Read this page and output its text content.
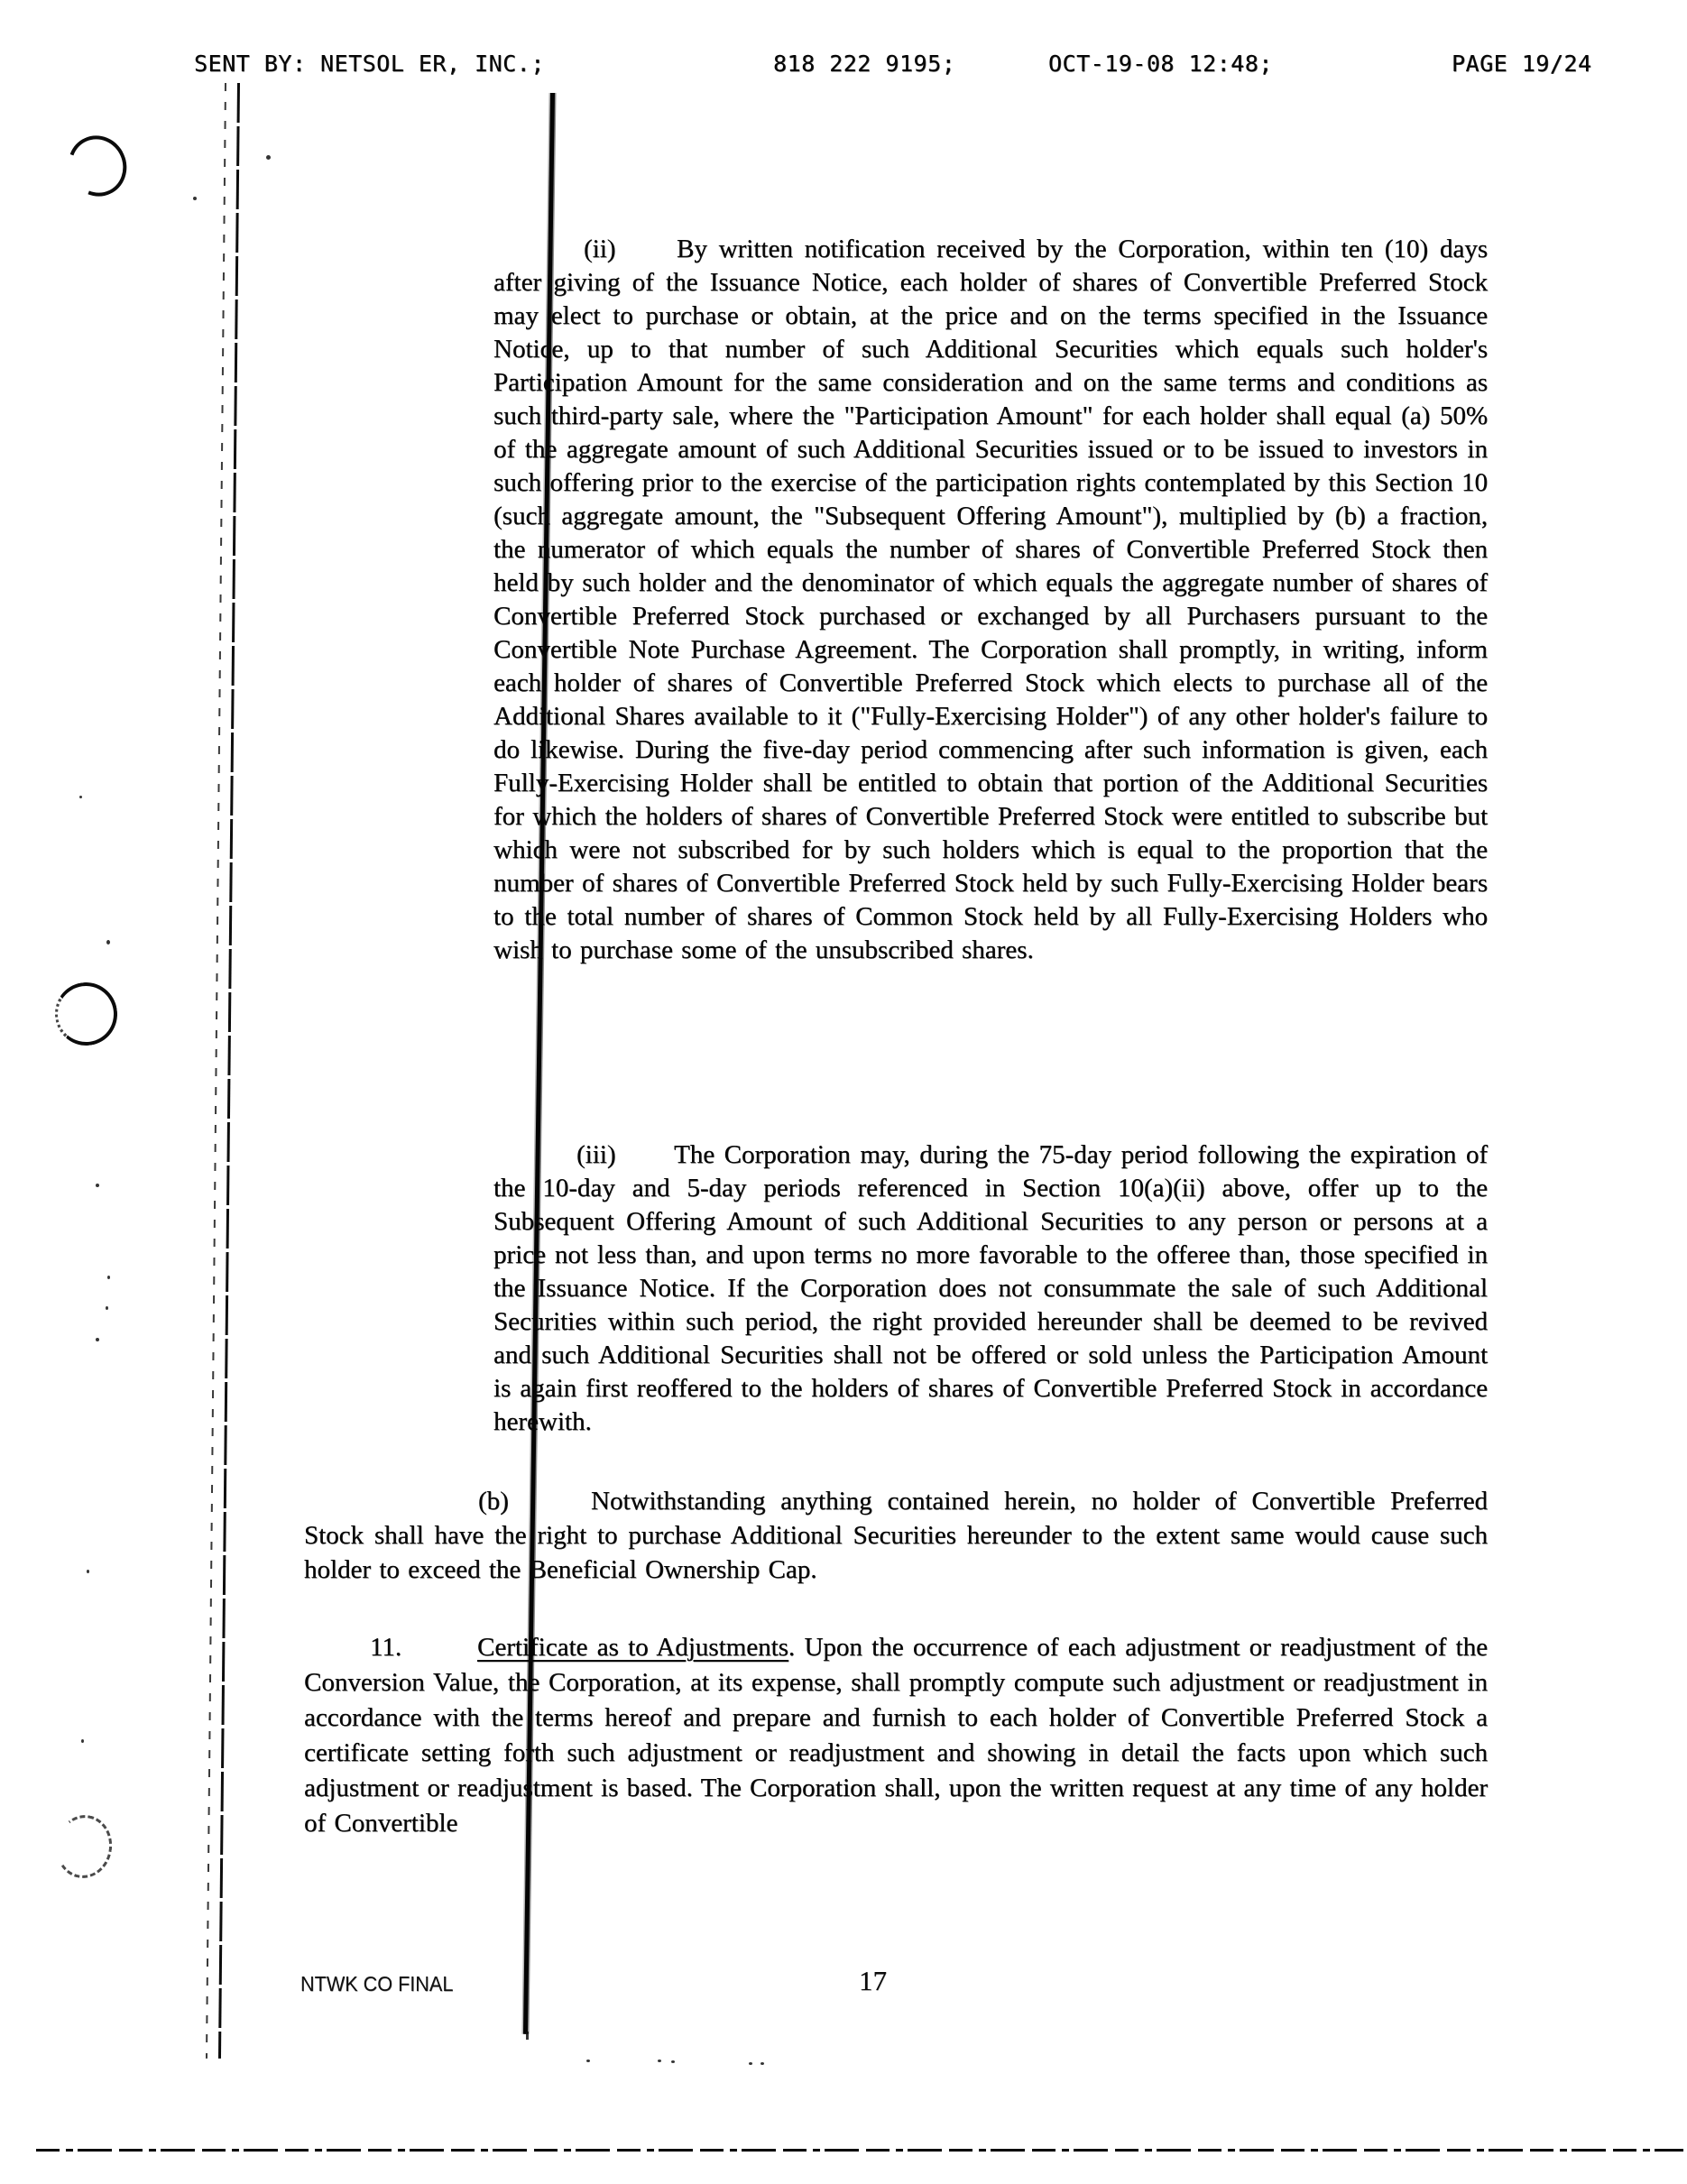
SENT BY: NETSOL ER, INC.;	818 222 9195;	OCT-19-08 12:48;	PAGE 19/24

(ii) By written notification received by the Corporation, within ten (10) days after giving of the Issuance Notice, each holder of shares of Convertible Preferred Stock may elect to purchase or obtain, at the price and on the terms specified in the Issuance Notice, up to that number of such Additional Securities which equals such holder's Participation Amount for the same consideration and on the same terms and conditions as such third-party sale, where the "Participation Amount" for each holder shall equal (a) 50% of the aggregate amount of such Additional Securities issued or to be issued to investors in such offering prior to the exercise of the participation rights contemplated by this Section 10 (such aggregate amount, the "Subsequent Offering Amount"), multiplied by (b) a fraction, the numerator of which equals the number of shares of Convertible Preferred Stock then held by such holder and the denominator of which equals the aggregate number of shares of Convertible Preferred Stock purchased or exchanged by all Purchasers pursuant to the Convertible Note Purchase Agreement. The Corporation shall promptly, in writing, inform each holder of shares of Convertible Preferred Stock which elects to purchase all of the Additional Shares available to it ("Fully-Exercising Holder") of any other holder's failure to do likewise. During the five-day period commencing after such information is given, each Fully-Exercising Holder shall be entitled to obtain that portion of the Additional Securities for which the holders of shares of Convertible Preferred Stock were entitled to subscribe but which were not subscribed for by such holders which is equal to the proportion that the number of shares of Convertible Preferred Stock held by such Fully-Exercising Holder bears to the total number of shares of Common Stock held by all Fully-Exercising Holders who wish to purchase some of the unsubscribed shares.

(iii) The Corporation may, during the 75-day period following the expiration of the 10-day and 5-day periods referenced in Section 10(a)(ii) above, offer up to the Subsequent Offering Amount of such Additional Securities to any person or persons at a price not less than, and upon terms no more favorable to the offeree than, those specified in the Issuance Notice. If the Corporation does not consummate the sale of such Additional Securities within such period, the right provided hereunder shall be deemed to be revived and such Additional Securities shall not be offered or sold unless the Participation Amount is again first reoffered to the holders of shares of Convertible Preferred Stock in accordance herewith.

(b)	Notwithstanding anything contained herein, no holder of Convertible Preferred Stock shall have the right to purchase Additional Securities hereunder to the extent same would cause such holder to exceed the Beneficial Ownership Cap.

11.	Certificate as to Adjustments. Upon the occurrence of each adjustment or readjustment of the Conversion Value, the Corporation, at its expense, shall promptly compute such adjustment or readjustment in accordance with the terms hereof and prepare and furnish to each holder of Convertible Preferred Stock a certificate setting forth such adjustment or readjustment and showing in detail the facts upon which such adjustment or readjustment is based. The Corporation shall, upon the written request at any time of any holder of Convertible

NTWK CO FINAL	17
